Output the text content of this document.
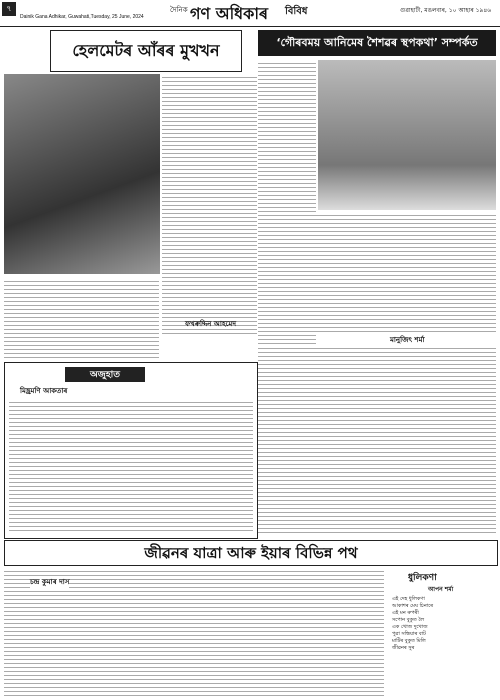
৭	দৈনিক গণ অধিকাৰ বিবিধ
Dainik Gana Adhikar, Guwahati,Tuesday, 25 June, 2024
গুৱাহাটী, মঙলবাৰ, ১০ আহাৰ ১৯৪৬
হেলমেটৰ আঁৰৰ মুখখন	‘গৌৰবময় আনিমেষ শৈশৱৰ স্থপকথা’ সম্পৰ্কত
ফখৰুদ্দিন আহমেদ
মানুজিৎ শৰ্মা
অজুহাত
মিছ্ৰমণি আকতাৰ
জীৱনৰ যাত্ৰা আৰু ইয়াৰ বিভিন্ন পথ
চন্দ্ৰ কুমাৰ দাস	ধুলিকণা
আপন শৰ্মা
এই দেহ ধুলিকণা
আকাশৰ মেঘ চিনাৰে
এই মন ৰুপৰী
সপোন বুকুত লৈ
এক খোজ দুখোজ
পুৱা সন্ধিয়াৰ বাট
মাটিৰ বুকুত মিলি
জীৱনৰ সুৰ
